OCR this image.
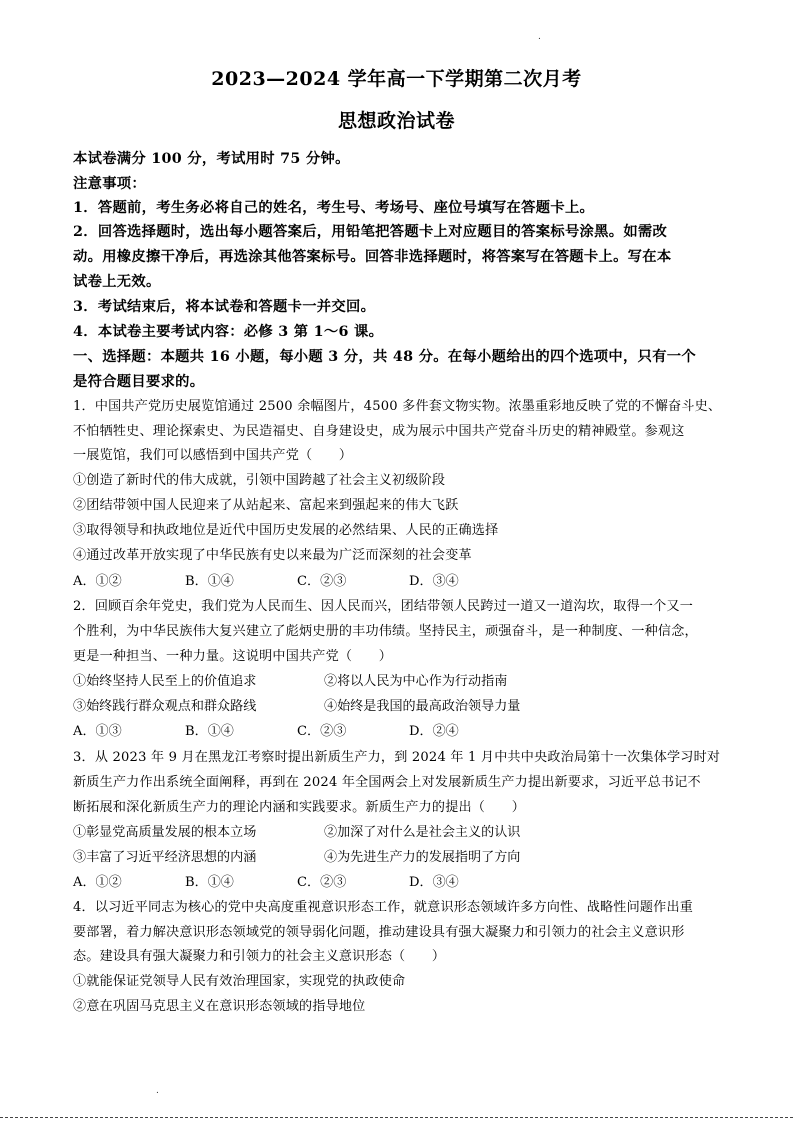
.
2023—2024 学年高一下学期第二次月考
思想政治试卷
本试卷满分 100 分，考试用时 75 分钟。
注意事项：
1．答题前，考生务必将自己的姓名，考生号、考场号、座位号填写在答题卡上。
2．回答选择题时，选出每小题答案后，用铅笔把答题卡上对应题目的答案标号涂黑。如需改
动。用橡皮擦干净后，再选涂其他答案标号。回答非选择题时，将答案写在答题卡上。写在本
试卷上无效。
3．考试结束后，将本试卷和答题卡一并交回。
4．本试卷主要考试内容：必修 3 第 1～6 课。
一、选择题：本题共 16 小题，每小题 3 分，共 48 分。在每小题给出的四个选项中，只有一个
是符合题目要求的。
1．中国共产党历史展览馆通过 2500 余幅图片，4500 多件套文物实物。浓墨重彩地反映了党的不懈奋斗史、
不怕牺牲史、理论探索史、为民造福史、自身建设史，成为展示中国共产党奋斗历史的精神殿堂。参观这
一展览馆，我们可以感悟到中国共产党（　　）
①创造了新时代的伟大成就，引领中国跨越了社会主义初级阶段
②团结带领中国人民迎来了从站起来、富起来到强起来的伟大飞跃
③取得领导和执政地位是近代中国历史发展的必然结果、人民的正确选择
④通过改革开放实现了中华民族有史以来最为广泛而深刻的社会变革
A．①②	B．①④	C．②③	D．③④
2．回顾百余年党史，我们党为人民而生、因人民而兴，团结带领人民跨过一道又一道沟坎，取得一个又一
个胜利，为中华民族伟大复兴建立了彪炳史册的丰功伟绩。坚持民主，顽强奋斗，是一种制度、一种信念，
更是一种担当、一种力量。这说明中国共产党（　　）
①始终坚持人民至上的价值追求	②将以人民为中心作为行动指南
③始终践行群众观点和群众路线	④始终是我国的最高政治领导力量
A．①③	B．①④	C．②③	D．②④
3．从 2023 年 9 月在黑龙江考察时提出新质生产力，到 2024 年 1 月中共中央政治局第十一次集体学习时对
新质生产力作出系统全面阐释，再到在 2024 年全国两会上对发展新质生产力提出新要求，习近平总书记不
断拓展和深化新质生产力的理论内涵和实践要求。新质生产力的提出（　　）
①彰显党高质量发展的根本立场	②加深了对什么是社会主义的认识
③丰富了习近平经济思想的内涵	④为先进生产力的发展指明了方向
A．①②	B．①④	C．②③	D．③④
4．以习近平同志为核心的党中央高度重视意识形态工作，就意识形态领域许多方向性、战略性问题作出重
要部署，着力解决意识形态领域党的领导弱化问题，推动建设具有强大凝聚力和引领力的社会主义意识形
态。建设具有强大凝聚力和引领力的社会主义意识形态（　　）
①就能保证党领导人民有效治理国家，实现党的执政使命
②意在巩固马克思主义在意识形态领域的指导地位
.
